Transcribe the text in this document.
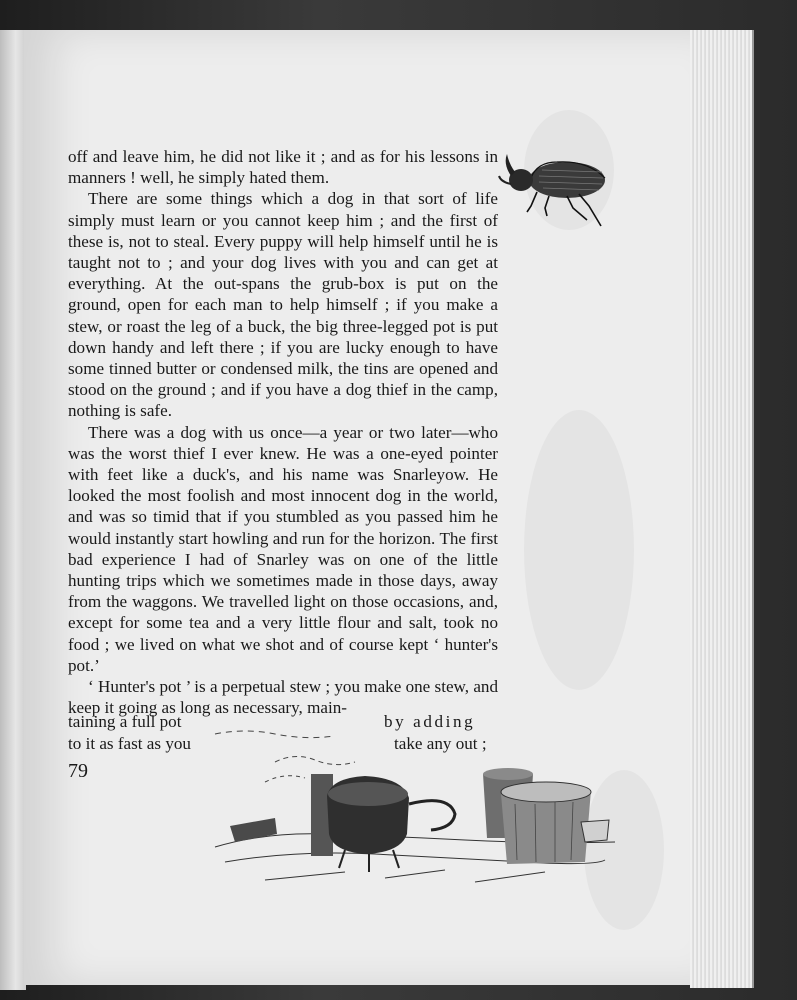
off and leave him, he did not like it ; and as for his lessons in manners ! well, he simply hated them.

There are some things which a dog in that sort of life simply must learn or you cannot keep him ; and the first of these is, not to steal. Every puppy will help himself until he is taught not to ; and your dog lives with you and can get at everything. At the out-spans the grub-box is put on the ground, open for each man to help himself ; if you make a stew, or roast the leg of a buck, the big three-legged pot is put down handy and left there ; if you are lucky enough to have some tinned butter or condensed milk, the tins are opened and stood on the ground ; and if you have a dog thief in the camp, nothing is safe.

There was a dog with us once—a year or two later—who was the worst thief I ever knew. He was a one-eyed pointer with feet like a duck's, and his name was Snarleyow. He looked the most foolish and most innocent dog in the world, and was so timid that if you stumbled as you passed him he would instantly start howling and run for the horizon. The first bad experience I had of Snarley was on one of the little hunting trips which we sometimes made in those days, away from the waggons. We travelled light on those occasions, and, except for some tea and a very little flour and salt, took no food ; we lived on what we shot and of course kept ‘ hunter's pot.’

‘ Hunter's pot ’ is a perpetual stew ; you make one stew, and keep it going as long as necessary, main-

taining a full pot	by adding
to it as fast as you	take any out ;
79
